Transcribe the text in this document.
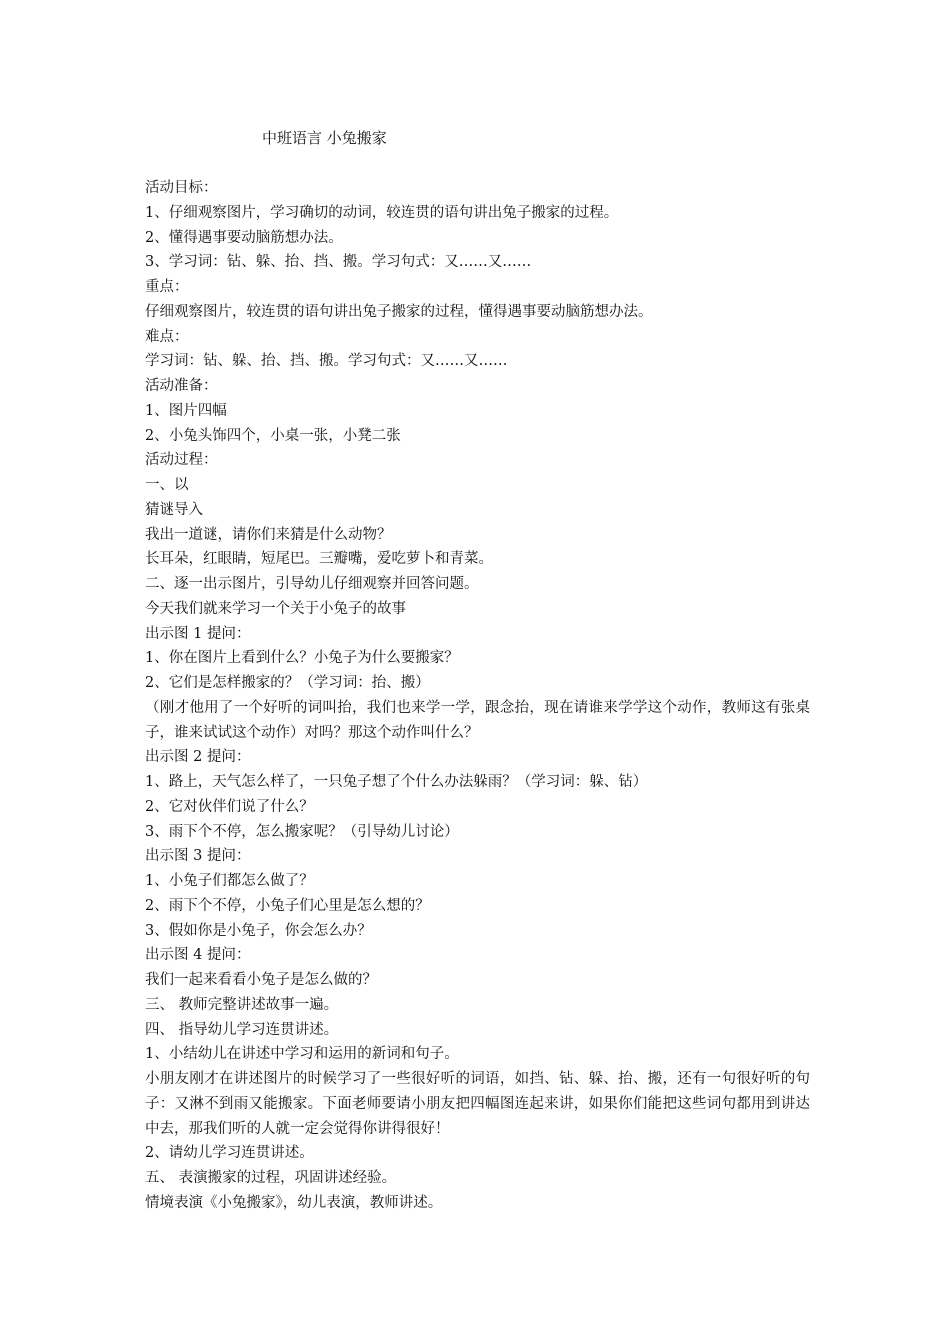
中班语言 小兔搬家

活动目标：

1、仔细观察图片，学习确切的动词，较连贯的语句讲出兔子搬家的过程。

2、懂得遇事要动脑筋想办法。

3、学习词：钻、躲、抬、挡、搬。学习句式：又……又……

重点：

仔细观察图片，较连贯的语句讲出兔子搬家的过程，懂得遇事要动脑筋想办法。

难点：

学习词：钻、躲、抬、挡、搬。学习句式：又……又……

活动准备：

1、图片四幅

2、小兔头饰四个，小桌一张，小凳二张

活动过程：

一、以

猜谜导入

我出一道谜，请你们来猜是什么动物？

长耳朵，红眼睛，短尾巴。三瓣嘴，爱吃萝卜和青菜。

二、逐一出示图片，引导幼儿仔细观察并回答问题。

今天我们就来学习一个关于小兔子的故事

出示图 1 提问：

1、你在图片上看到什么？小兔子为什么要搬家？

2、它们是怎样搬家的？（学习词：抬、搬）

（刚才他用了一个好听的词叫抬，我们也来学一学，跟念抬，现在请谁来学学这个动作，教师这有张桌子，谁来试试这个动作）对吗？那这个动作叫什么？

出示图 2 提问：

1、路上，天气怎么样了，一只兔子想了个什么办法躲雨？（学习词：躲、钻）

2、它对伙伴们说了什么？

3、雨下个不停，怎么搬家呢？（引导幼儿讨论）

出示图 3 提问：

1、小兔子们都怎么做了？

2、雨下个不停，小兔子们心里是怎么想的？

3、假如你是小兔子，你会怎么办？

出示图 4 提问：

我们一起来看看小兔子是怎么做的？

三、 教师完整讲述故事一遍。

四、 指导幼儿学习连贯讲述。

1、小结幼儿在讲述中学习和运用的新词和句子。

小朋友刚才在讲述图片的时候学习了一些很好听的词语，如挡、钻、躲、抬、搬，还有一句很好听的句子：又淋不到雨又能搬家。下面老师要请小朋友把四幅图连起来讲，如果你们能把这些词句都用到讲达中去，那我们听的人就一定会觉得你讲得很好！

2、请幼儿学习连贯讲述。

五、 表演搬家的过程，巩固讲述经验。

情境表演《小兔搬家》，幼儿表演，教师讲述。
